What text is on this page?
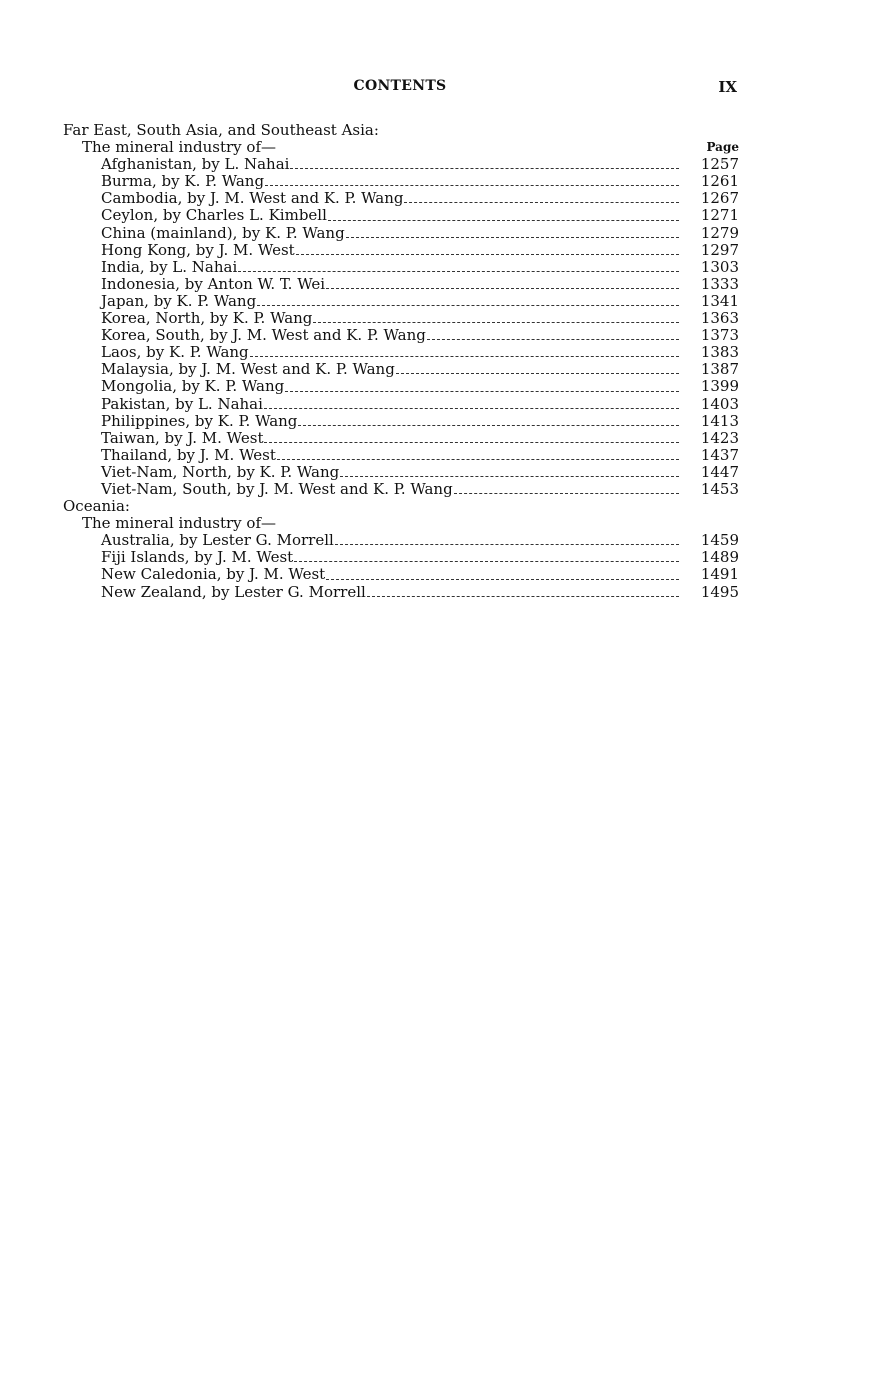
CONTENTS	IX
Far East, South Asia, and Southeast Asia:
The mineral industry of—	Page
Afghanistan, by L. Nahai	1257
Burma, by K. P. Wang	1261
Cambodia, by J. M. West and K. P. Wang	1267
Ceylon, by Charles L. Kimbell	1271
China (mainland), by K. P. Wang	1279
Hong Kong, by J. M. West	1297
India, by L. Nahai	1303
Indonesia, by Anton W. T. Wei	1333
Japan, by K. P. Wang	1341
Korea, North, by K. P. Wang	1363
Korea, South, by J. M. West and K. P. Wang	1373
Laos, by K. P. Wang	1383
Malaysia, by J. M. West and K. P. Wang	1387
Mongolia, by K. P. Wang	1399
Pakistan, by L. Nahai	1403
Philippines, by K. P. Wang	1413
Taiwan, by J. M. West	1423
Thailand, by J. M. West	1437
Viet-Nam, North, by K. P. Wang	1447
Viet-Nam, South, by J. M. West and K. P. Wang	1453
Oceania:
The mineral industry of—
Australia, by Lester G. Morrell	1459
Fiji Islands, by J. M. West	1489
New Caledonia, by J. M. West	1491
New Zealand, by Lester G. Morrell	1495
